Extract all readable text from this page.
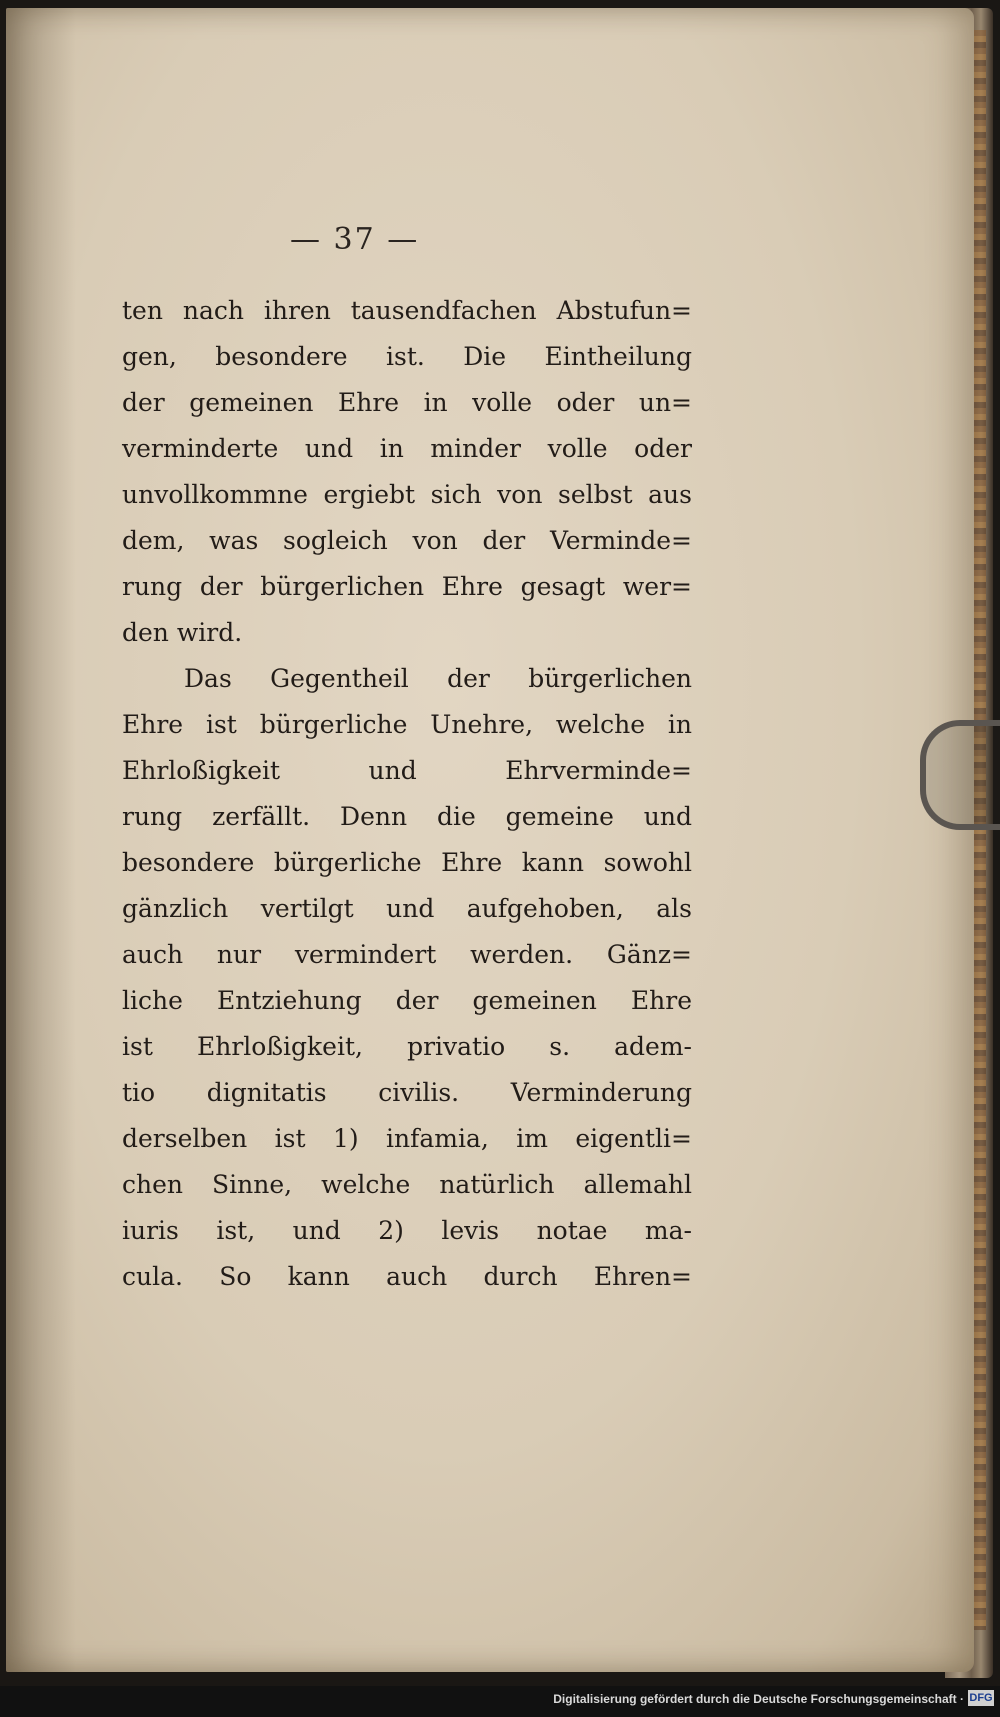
— 37 —
ten nach ihren tausendfachen Abstufun=
gen, besondere ist. Die Eintheilung
der gemeinen Ehre in volle oder un=
verminderte und in minder volle oder
unvollkommne ergiebt sich von selbst aus
dem, was sogleich von der Verminde=
rung der bürgerlichen Ehre gesagt wer=
den wird.
Das Gegentheil der bürgerlichen
Ehre ist bürgerliche Unehre, welche in
Ehrloßigkeit und Ehrverminde=
rung zerfällt. Denn die gemeine und
besondere bürgerliche Ehre kann sowohl
gänzlich vertilgt und aufgehoben, als
auch nur vermindert werden. Gänz=
liche Entziehung der gemeinen Ehre
ist Ehrloßigkeit, privatio s. adem-
tio dignitatis civilis. Verminderung
derselben ist 1) infamia, im eigentli=
chen Sinne, welche natürlich allemahl
iuris ist, und 2) levis notae ma-
cula. So kann auch durch Ehren=
Digitalisierung gefördert durch die Deutsche Forschungsgemeinschaft · DFG
